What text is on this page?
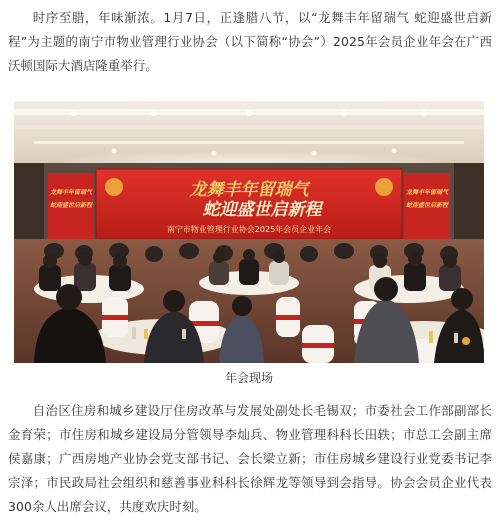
时序至腊，年味渐浓。1月7日，正逢腊八节，以“龙舞丰年留瑞气 蛇迎盛世启新程”为主题的南宁市物业管理行业协会（以下简称“协会”）2025年会员企业年会在广西沃顿国际大酒店隆重举行。

龙舞丰年留瑞气
蛇迎盛世启新程
南宁市物业管理行业协会2025年会员企业年会
龙舞丰年留瑞气
蛇迎盛世启新程
龙舞丰年留瑞气
蛇迎盛世启新程
年会现场

自治区住房和城乡建设厅住房改革与发展处副处长毛锡双；市委社会工作部副部长金育荣；市住房和城乡建设局分管领导李灿兵、物业管理科科长田轶；市总工会副主席侯嘉康；广西房地产业协会党支部书记、会长梁立新；市住房城乡建设行业党委书记李宗泽；市民政局社会组织和慈善事业科科长徐辉龙等领导到会指导。协会会员企业代表300余人出席会议，共度欢庆时刻。
